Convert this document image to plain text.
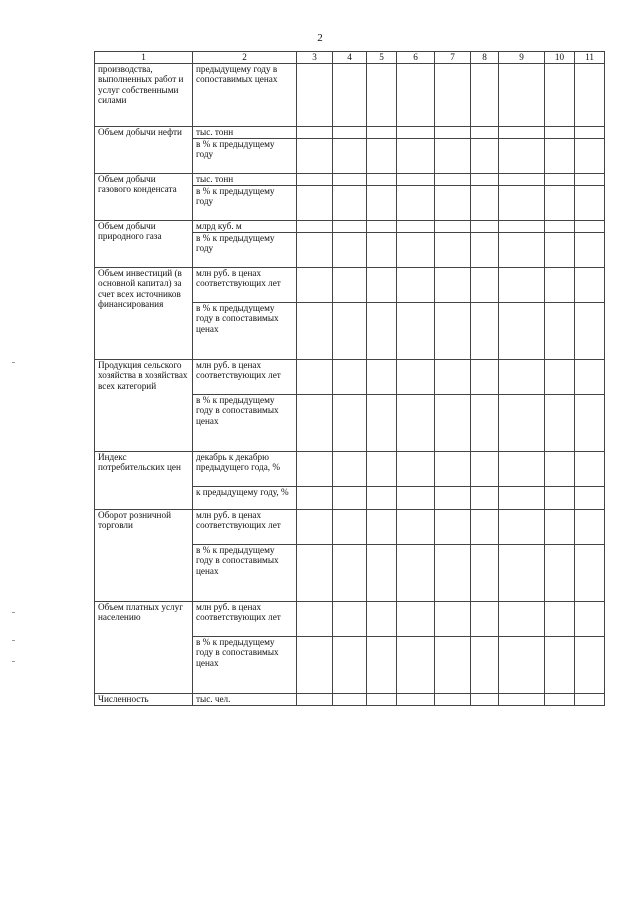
2
1	2	3	4	5	6	7	8	9	10	11
производства, выполненных работ и услуг собственными силами	предыдущему году в сопоставимых ценах									
Объем добычи нефти	тыс. тонн									
	в % к предыдущему году									
Объем добычи газового конденсата	тыс. тонн									
	в % к предыдущему году									
Объем добычи природного газа	млрд куб. м									
	в % к предыдущему году									
Объем инвестиций (в основной капитал) за счет всех источников финансирования	млн руб. в ценах соответствующих лет									
	в % к предыдущему году в сопоставимых ценах									
Продукция сельского хозяйства в хозяйствах всех категорий	млн руб. в ценах соответствующих лет									
	в % к предыдущему году в сопоставимых ценах									
Индекс потребительских цен	декабрь к декабрю предыдущего года, %									
	к предыдущему году, %									
Оборот розничной торговли	млн руб. в ценах соответствующих лет									
	в % к предыдущему году в сопоставимых ценах									
Объем платных услуг населению	млн руб. в ценах соответствующих лет									
	в % к предыдущему году в сопоставимых ценах									
Численность	тыс. чел.									
